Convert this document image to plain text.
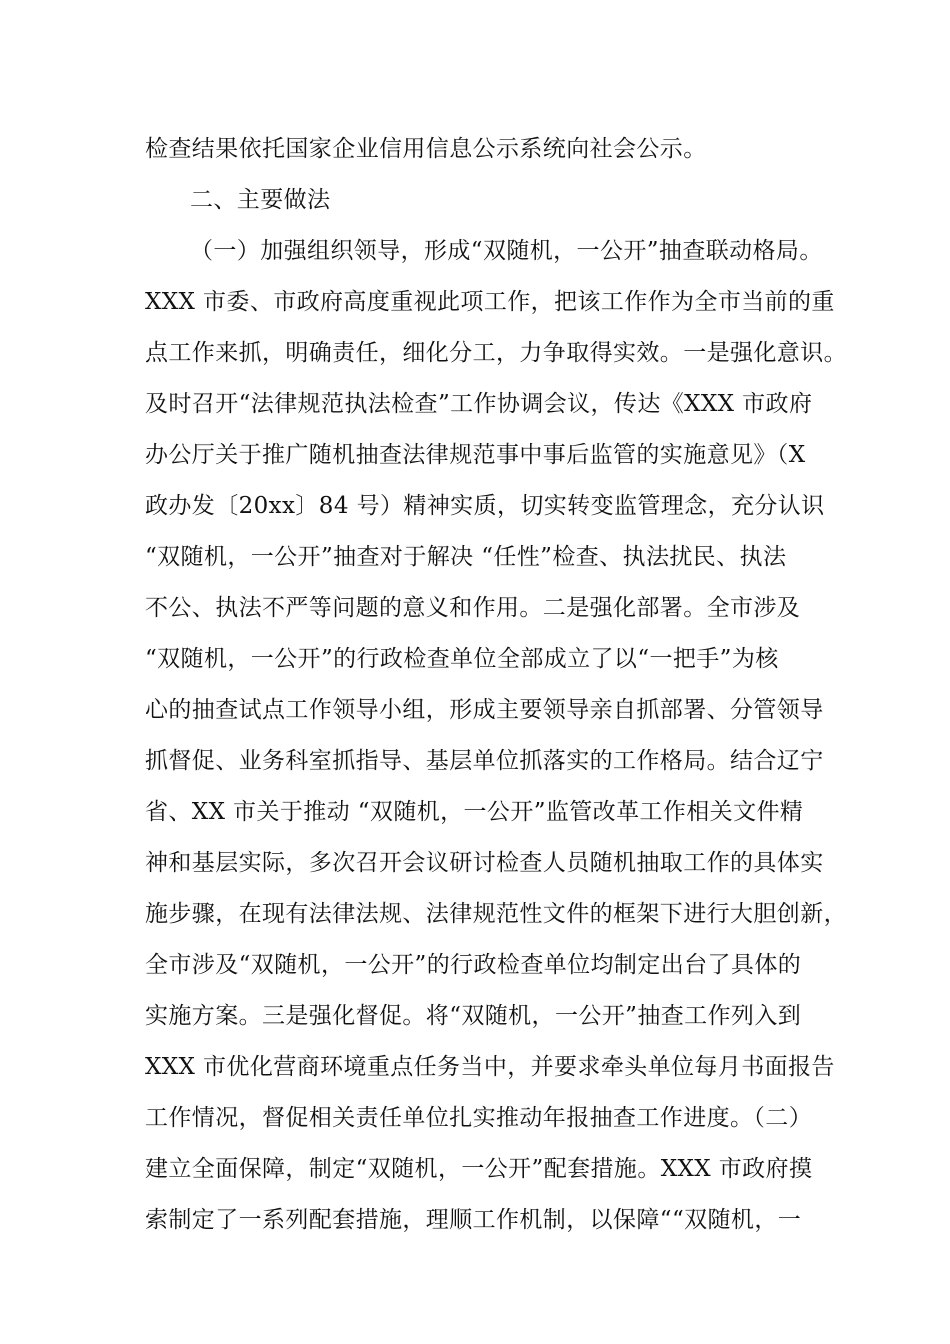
检查结果依托国家企业信用信息公示系统向社会公示。
二、主要做法
（一）加强组织领导，形成“双随机，一公开”抽查联动格局。
XXX 市委、市政府高度重视此项工作，把该工作作为全市当前的重
点工作来抓，明确责任，细化分工，力争取得实效。一是强化意识。
及时召开“法律规范执法检查”工作协调会议，传达《XXX 市政府
办公厅关于推广随机抽查法律规范事中事后监管的实施意见》（X
政办发〔20xx〕84 号）精神实质，切实转变监管理念，充分认识
“双随机，一公开”抽查对于解决 “任性”检查、执法扰民、执法
不公、执法不严等问题的意义和作用。二是强化部署。全市涉及
“双随机，一公开”的行政检查单位全部成立了以“一把手”为核
心的抽查试点工作领导小组，形成主要领导亲自抓部署、分管领导
抓督促、业务科室抓指导、基层单位抓落实的工作格局。结合辽宁
省、XX 市关于推动 “双随机，一公开”监管改革工作相关文件精
神和基层实际，多次召开会议研讨检查人员随机抽取工作的具体实
施步骤，在现有法律法规、法律规范性文件的框架下进行大胆创新，
全市涉及“双随机，一公开”的行政检查单位均制定出台了具体的
实施方案。三是强化督促。将“双随机，一公开”抽查工作列入到
XXX 市优化营商环境重点任务当中，并要求牵头单位每月书面报告
工作情况，督促相关责任单位扎实推动年报抽查工作进度。（二）
建立全面保障，制定“双随机，一公开”配套措施。XXX 市政府摸
索制定了一系列配套措施，理顺工作机制，以保障““双随机，一
